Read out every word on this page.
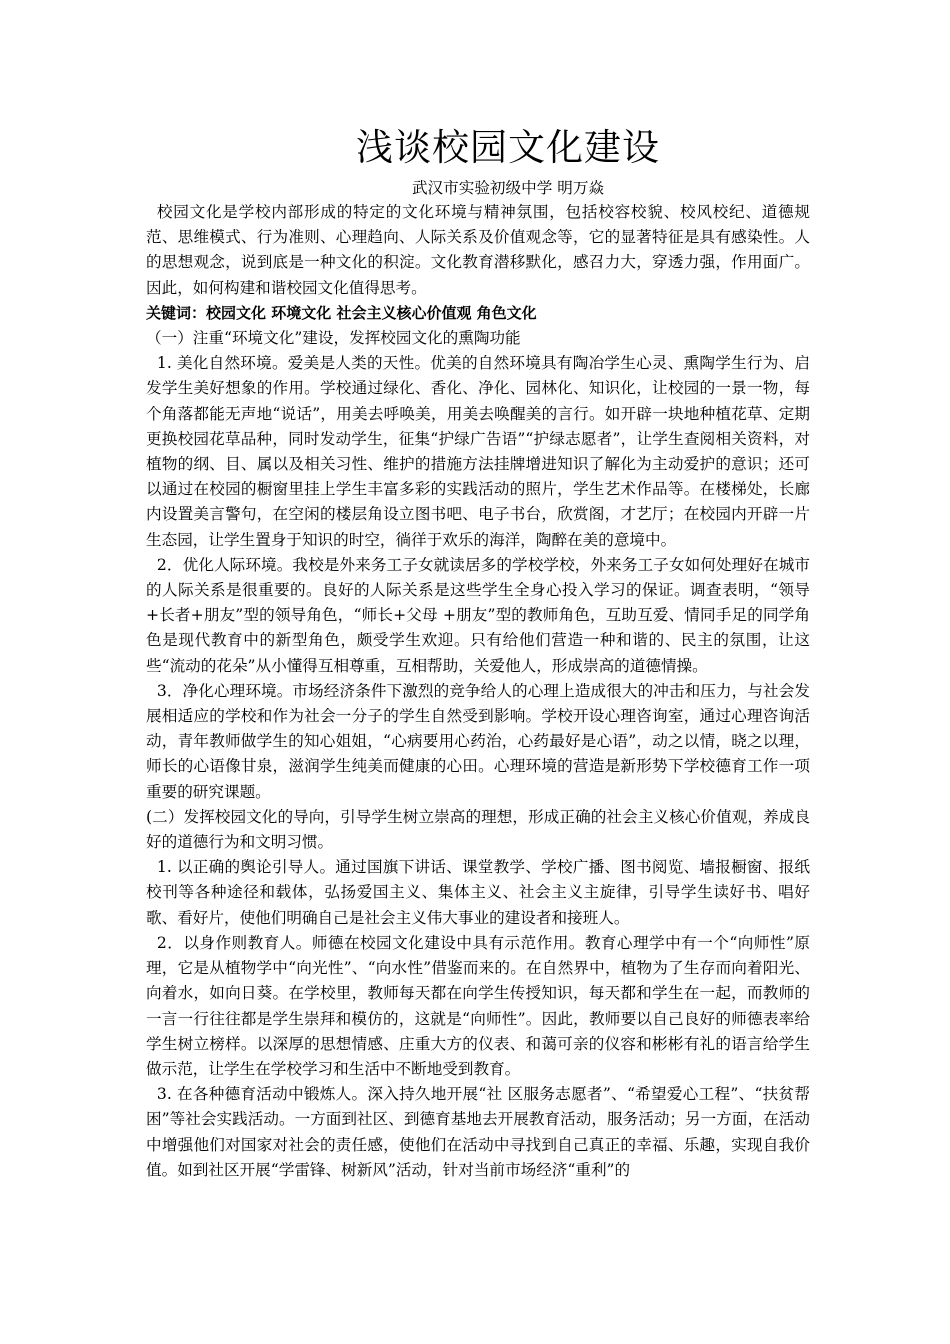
浅谈校园文化建设
武汉市实验初级中学 明万焱

校园文化是学校内部形成的特定的文化环境与精神氛围，包括校容校貌、校风校纪、道德规范、思维模式、行为准则、心理趋向、人际关系及价值观念等，它的显著特征是具有感染性。人的思想观念，说到底是一种文化的积淀。文化教育潜移默化，感召力大，穿透力强，作用面广。因此，如何构建和谐校园文化值得思考。

关键词：校园文化 环境文化 社会主义核心价值观 角色文化

（一）注重“环境文化”建设，发挥校园文化的熏陶功能

1. 美化自然环境。爱美是人类的天性。优美的自然环境具有陶冶学生心灵、熏陶学生行为、启发学生美好想象的作用。学校通过绿化、香化、净化、园林化、知识化，让校园的一景一物，每个角落都能无声地“说话”，用美去呼唤美，用美去唤醒美的言行。如开辟一块地种植花草、定期更换校园花草品种，同时发动学生，征集“护绿广告语”“护绿志愿者”，让学生查阅相关资料，对植物的纲、目、属以及相关习性、维护的措施方法挂牌增进知识了解化为主动爱护的意识；还可以通过在校园的橱窗里挂上学生丰富多彩的实践活动的照片，学生艺术作品等。在楼梯处，长廊内设置美言警句，在空闲的楼层角设立图书吧、电子书台，欣赏阁，才艺厅；在校园内开辟一片生态园，让学生置身于知识的时空，徜徉于欢乐的海洋，陶醉在美的意境中。

2．优化人际环境。我校是外来务工子女就读居多的学校学校，外来务工子女如何处理好在城市的人际关系是很重要的。良好的人际关系是这些学生全身心投入学习的保证。调查表明，“领导+长者+朋友”型的领导角色，“师长+父母 +朋友”型的教师角色，互助互爱、情同手足的同学角色是现代教育中的新型角色，颇受学生欢迎。只有给他们营造一种和谐的、民主的氛围，让这些“流动的花朵”从小懂得互相尊重，互相帮助，关爱他人，形成崇高的道德情操。

3．净化心理环境。市场经济条件下激烈的竞争给人的心理上造成很大的冲击和压力，与社会发展相适应的学校和作为社会一分子的学生自然受到影响。学校开设心理咨询室，通过心理咨询活动，青年教师做学生的知心姐姐，“心病要用心药治，心药最好是心语”，动之以情，晓之以理，师长的心语像甘泉，滋润学生纯美而健康的心田。心理环境的营造是新形势下学校德育工作一项重要的研究课题。

(二）发挥校园文化的导向，引导学生树立崇高的理想，形成正确的社会主义核心价值观，养成良好的道德行为和文明习惯。

1. 以正确的舆论引导人。通过国旗下讲话、课堂教学、学校广播、图书阅览、墙报橱窗、报纸校刊等各种途径和载体，弘扬爱国主义、集体主义、社会主义主旋律，引导学生读好书、唱好歌、看好片，使他们明确自己是社会主义伟大事业的建设者和接班人。

2．以身作则教育人。师德在校园文化建设中具有示范作用。教育心理学中有一个“向师性”原理，它是从植物学中“向光性”、“向水性”借鉴而来的。在自然界中，植物为了生存而向着阳光、向着水，如向日葵。在学校里，教师每天都在向学生传授知识，每天都和学生在一起，而教师的一言一行往往都是学生崇拜和模仿的，这就是“向师性”。因此，教师要以自己良好的师德表率给学生树立榜样。以深厚的思想情感、庄重大方的仪表、和蔼可亲的仪容和彬彬有礼的语言给学生做示范，让学生在学校学习和生活中不断地受到教育。

3. 在各种德育活动中锻炼人。深入持久地开展“社 区服务志愿者”、“希望爱心工程”、“扶贫帮困”等社会实践活动。一方面到社区、到德育基地去开展教育活动，服务活动；另一方面，在活动中增强他们对国家对社会的责任感，使他们在活动中寻找到自己真正的幸福、乐趣，实现自我价值。如到社区开展“学雷锋、树新风”活动，针对当前市场经济“重利”的
